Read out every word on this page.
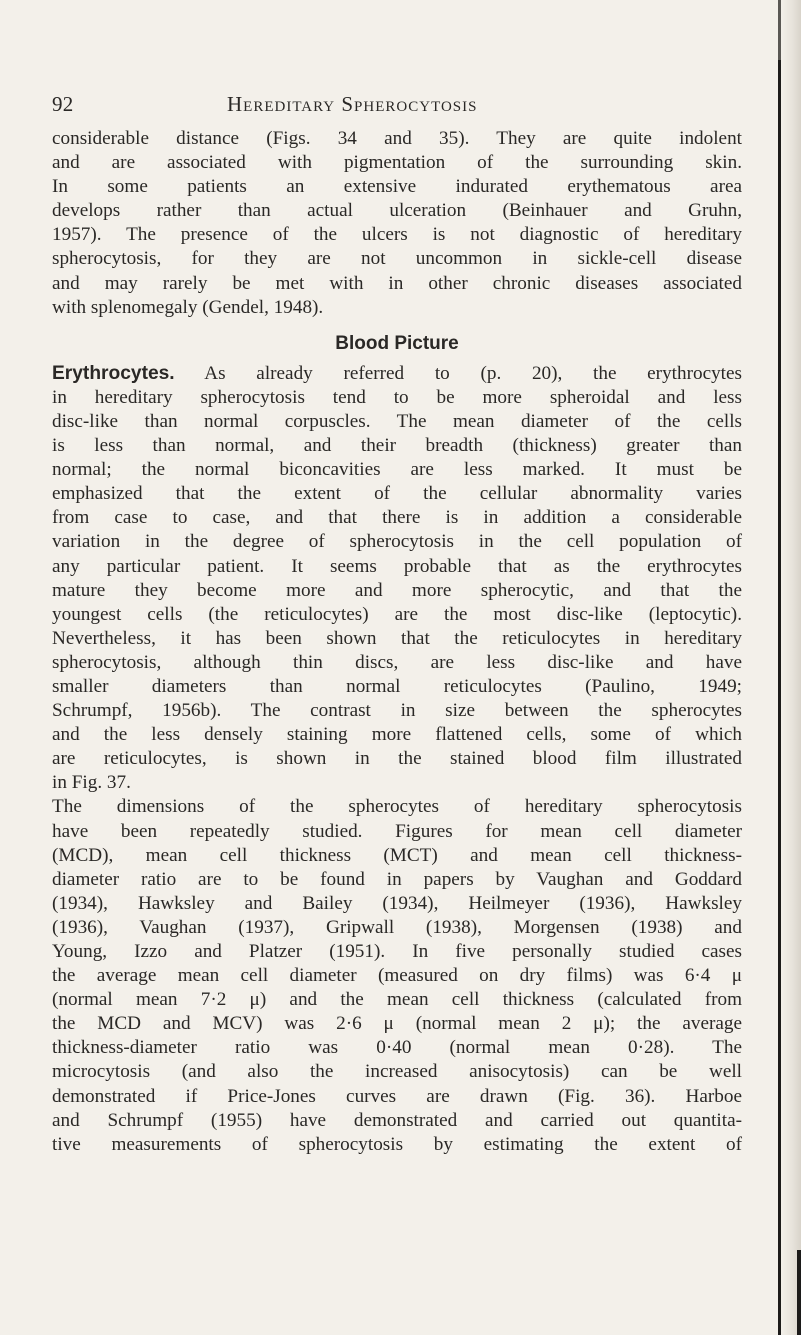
92	Hereditary Spherocytosis
considerable distance (Figs. 34 and 35). They are quite indolent
and are associated with pigmentation of the surrounding skin.
In some patients an extensive indurated erythematous area
develops rather than actual ulceration (Beinhauer and Gruhn,
1957). The presence of the ulcers is not diagnostic of hereditary
spherocytosis, for they are not uncommon in sickle-cell disease
and may rarely be met with in other chronic diseases associated
with splenomegaly (Gendel, 1948).
Blood Picture
Erythrocytes. As already referred to (p. 20), the erythrocytes
in hereditary spherocytosis tend to be more spheroidal and less
disc-like than normal corpuscles. The mean diameter of the cells
is less than normal, and their breadth (thickness) greater than
normal; the normal biconcavities are less marked. It must be
emphasized that the extent of the cellular abnormality varies
from case to case, and that there is in addition a considerable
variation in the degree of spherocytosis in the cell population of
any particular patient. It seems probable that as the erythrocytes
mature they become more and more spherocytic, and that the
youngest cells (the reticulocytes) are the most disc-like (leptocytic).
Nevertheless, it has been shown that the reticulocytes in hereditary
spherocytosis, although thin discs, are less disc-like and have
smaller diameters than normal reticulocytes (Paulino, 1949;
Schrumpf, 1956b). The contrast in size between the spherocytes
and the less densely staining more flattened cells, some of which
are reticulocytes, is shown in the stained blood film illustrated
in Fig. 37.
The dimensions of the spherocytes of hereditary spherocytosis
have been repeatedly studied. Figures for mean cell diameter
(MCD), mean cell thickness (MCT) and mean cell thickness-
diameter ratio are to be found in papers by Vaughan and Goddard
(1934), Hawksley and Bailey (1934), Heilmeyer (1936), Hawksley
(1936), Vaughan (1937), Gripwall (1938), Morgensen (1938) and
Young, Izzo and Platzer (1951). In five personally studied cases
the average mean cell diameter (measured on dry films) was 6·4 μ
(normal mean 7·2 μ) and the mean cell thickness (calculated from
the MCD and MCV) was 2·6 μ (normal mean 2 μ); the average
thickness-diameter ratio was 0·40 (normal mean 0·28). The
microcytosis (and also the increased anisocytosis) can be well
demonstrated if Price-Jones curves are drawn (Fig. 36). Harboe
and Schrumpf (1955) have demonstrated and carried out quantita-
tive measurements of spherocytosis by estimating the extent of
